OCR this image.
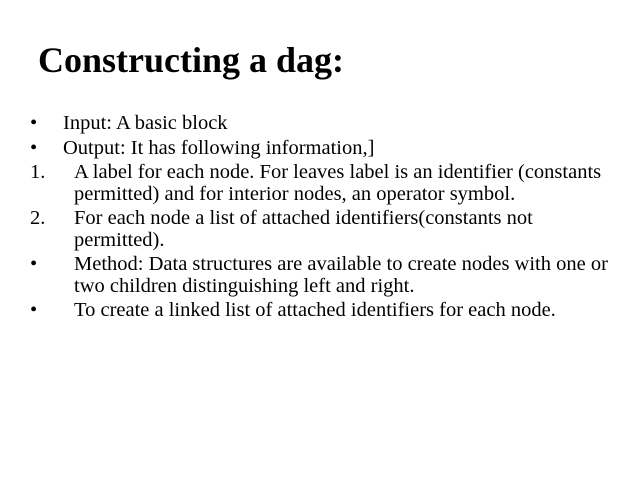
Constructing a dag:
•	Input: A basic block
•	Output: It has following information,]
1.	A label for each node. For leaves label is an identifier (constants permitted) and for interior nodes, an operator symbol.
2.	For each node a list of attached identifiers(constants not permitted).
•	Method: Data structures are available to create nodes with one or two children distinguishing left and right.
•	To create a linked list of attached identifiers for each node.
